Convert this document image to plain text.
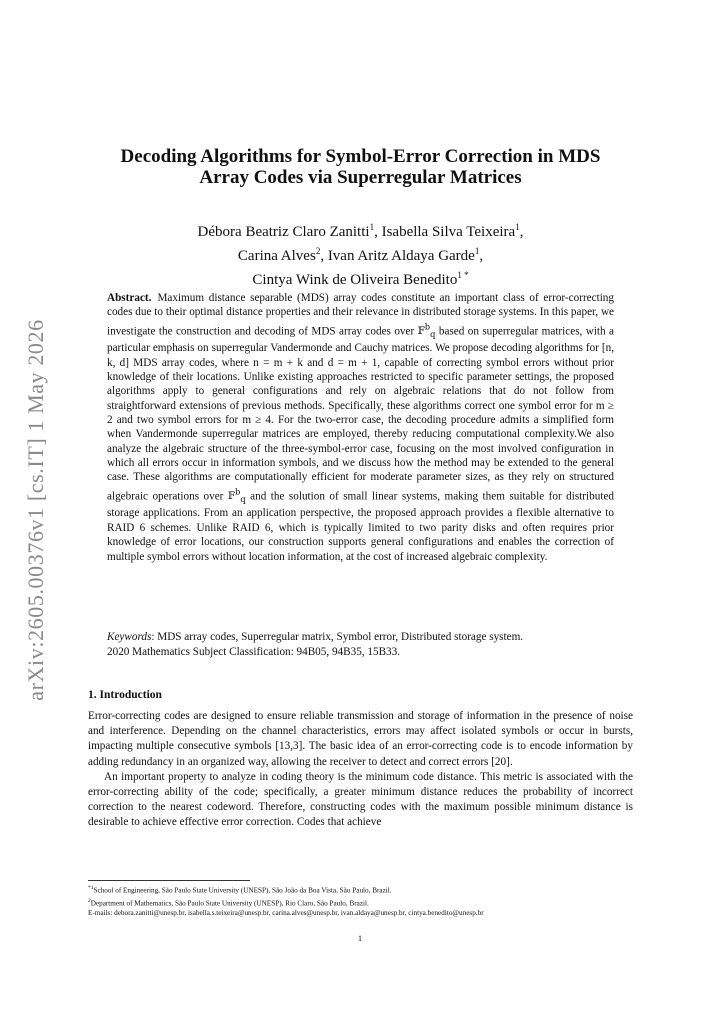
arXiv:2605.00376v1 [cs.IT] 1 May 2026
Decoding Algorithms for Symbol-Error Correction in MDS
Array Codes via Superregular Matrices
Débora Beatriz Claro Zanitti$^1$, Isabella Silva Teixeira$^1$,
Carina Alves$^2$, Ivan Aritz Aldaya Garde$^1$,
Cintya Wink de Oliveira Benedito$^{1 *}$
Abstract. Maximum distance separable (MDS) array codes constitute an important class of error-correcting codes due to their optimal distance properties and their relevance in distributed storage systems. In this paper, we investigate the construction and decoding of MDS array codes over 𝔽$^b_q$ based on superregular matrices, with a particular emphasis on superregular Vandermonde and Cauchy matrices. We propose decoding algorithms for [n, k, d] MDS array codes, where n = m + k and d = m + 1, capable of correcting symbol errors without prior knowledge of their locations. Unlike existing approaches restricted to specific parameter settings, the proposed algorithms apply to general configurations and rely on algebraic relations that do not follow from straightforward extensions of previous methods. Specifically, these algorithms correct one symbol error for m ≥ 2 and two symbol errors for m ≥ 4. For the two-error case, the decoding procedure admits a simplified form when Vandermonde superregular matrices are employed, thereby reducing computational complexity.We also analyze the algebraic structure of the three-symbol-error case, focusing on the most involved configuration in which all errors occur in information symbols, and we discuss how the method may be extended to the general case. These algorithms are computationally efficient for moderate parameter sizes, as they rely on structured algebraic operations over 𝔽$^b_q$ and the solution of small linear systems, making them suitable for distributed storage applications. From an application perspective, the proposed approach provides a flexible alternative to RAID 6 schemes. Unlike RAID 6, which is typically limited to two parity disks and often requires prior knowledge of error locations, our construction supports general configurations and enables the correction of multiple symbol errors without location information, at the cost of increased algebraic complexity.
Keywords: MDS array codes, Superregular matrix, Symbol error, Distributed storage system.
2020 Mathematics Subject Classification: 94B05, 94B35, 15B33.
1. Introduction

Error-correcting codes are designed to ensure reliable transmission and storage of information in the presence of noise and interference. Depending on the channel characteristics, errors may affect isolated symbols or occur in bursts, impacting multiple consecutive symbols [13,3]. The basic idea of an error-correcting code is to encode information by adding redundancy in an organized way, allowing the receiver to detect and correct errors [20].

An important property to analyze in coding theory is the minimum code distance. This metric is associated with the error-correcting ability of the code; specifically, a greater minimum distance reduces the probability of incorrect correction to the nearest codeword. Therefore, constructing codes with the maximum possible minimum distance is desirable to achieve effective error correction. Codes that achieve

$^{*1}$School of Engineering, São Paulo State University (UNESP), São João da Boa Vista, São Paulo, Brazil.
$^2$Department of Mathematics, São Paulo State University (UNESP), Rio Claro, São Paulo, Brazil.
E-mails: debora.zanitti@unesp.br, isabella.s.teixeira@unesp.br, carina.alves@unesp.br, ivan.aldaya@unesp.br, cintya.benedito@unesp.br
1
